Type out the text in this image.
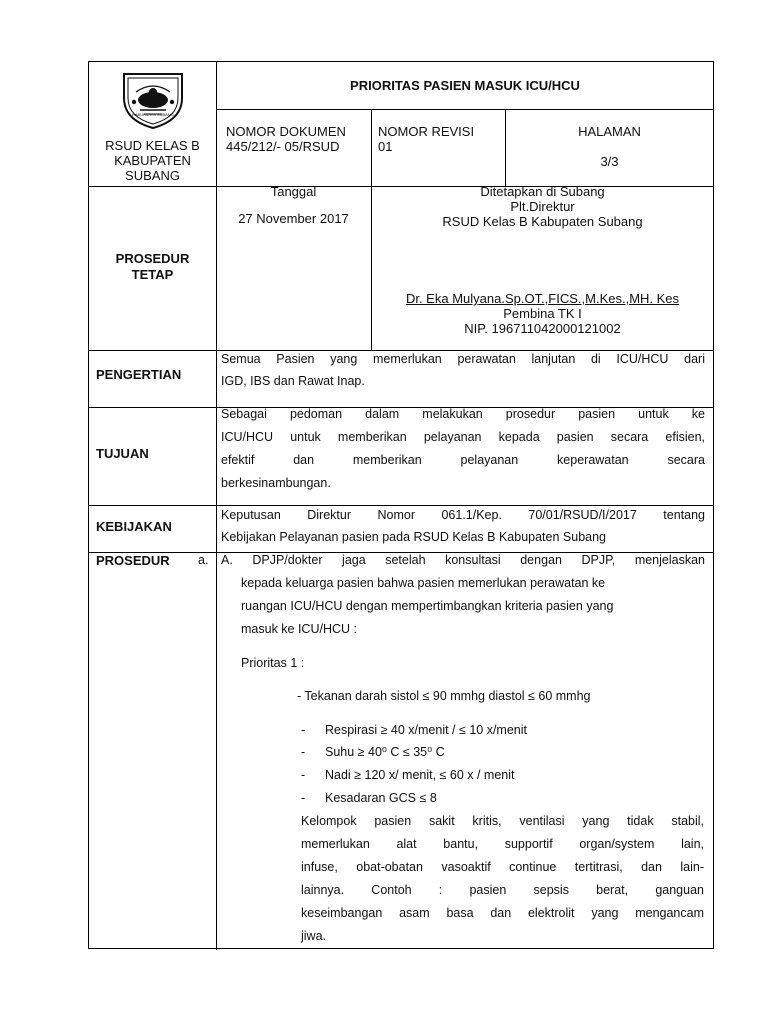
KABUPATEN SUBANG
RSUD KELAS B
KABUPATEN
SUBANG
PRIORITAS PASIEN MASUK ICU/HCU
NOMOR DOKUMEN
445/212/- 05/RSUD
NOMOR REVISI
01
HALAMAN
3/3
PROSEDUR
TETAP
Tanggal
27 November 2017
Ditetapkan di Subang
Plt.Direktur
RSUD Kelas B Kabupaten Subang
Dr. Eka Mulyana.Sp.OT.,FICS.,M.Kes.,MH. Kes
Pembina TK I
NIP. 196711042000121002
PENGERTIAN
Semua Pasien yang memerlukan perawatan lanjutan di ICU/HCU dari
IGD, IBS dan Rawat Inap.
TUJUAN
Sebagai pedoman dalam melakukan prosedur pasien untuk ke
ICU/HCU untuk memberikan pelayanan kepada pasien secara efisien,
efektif dan memberikan pelayanan keperawatan secara
berkesinambungan.
KEBIJAKAN
Keputusan Direktur Nomor 061.1/Kep. 70/01/RSUD/I/2017 tentang
Kebijakan Pelayanan pasien pada RSUD Kelas B Kabupaten Subang
PROSEDUR a. A. DPJP/dokter jaga setelah konsultasi dengan DPJP, menjelaskan
kepada keluarga pasien bahwa pasien memerlukan perawatan ke
ruangan ICU/HCU dengan mempertimbangkan kriteria pasien yang
masuk ke ICU/HCU :
Prioritas 1 :
- Tekanan darah sistol ≤ 90 mmhg diastol ≤ 60 mmhg
- Respirasi ≥ 40 x/menit / ≤ 10 x/menit
- Suhu ≥ 40⁰ C ≤ 35⁰ C
- Nadi ≥ 120 x/ menit, ≤ 60 x / menit
- Kesadaran GCS ≤ 8
Kelompok pasien sakit kritis, ventilasi yang tidak stabil,
memerlukan alat bantu, supportif organ/system lain,
infuse, obat-obatan vasoaktif continue tertitrasi, dan lain-
lainnya. Contoh : pasien sepsis berat, ganguan
keseimbangan asam basa dan elektrolit yang mengancam
jiwa.
